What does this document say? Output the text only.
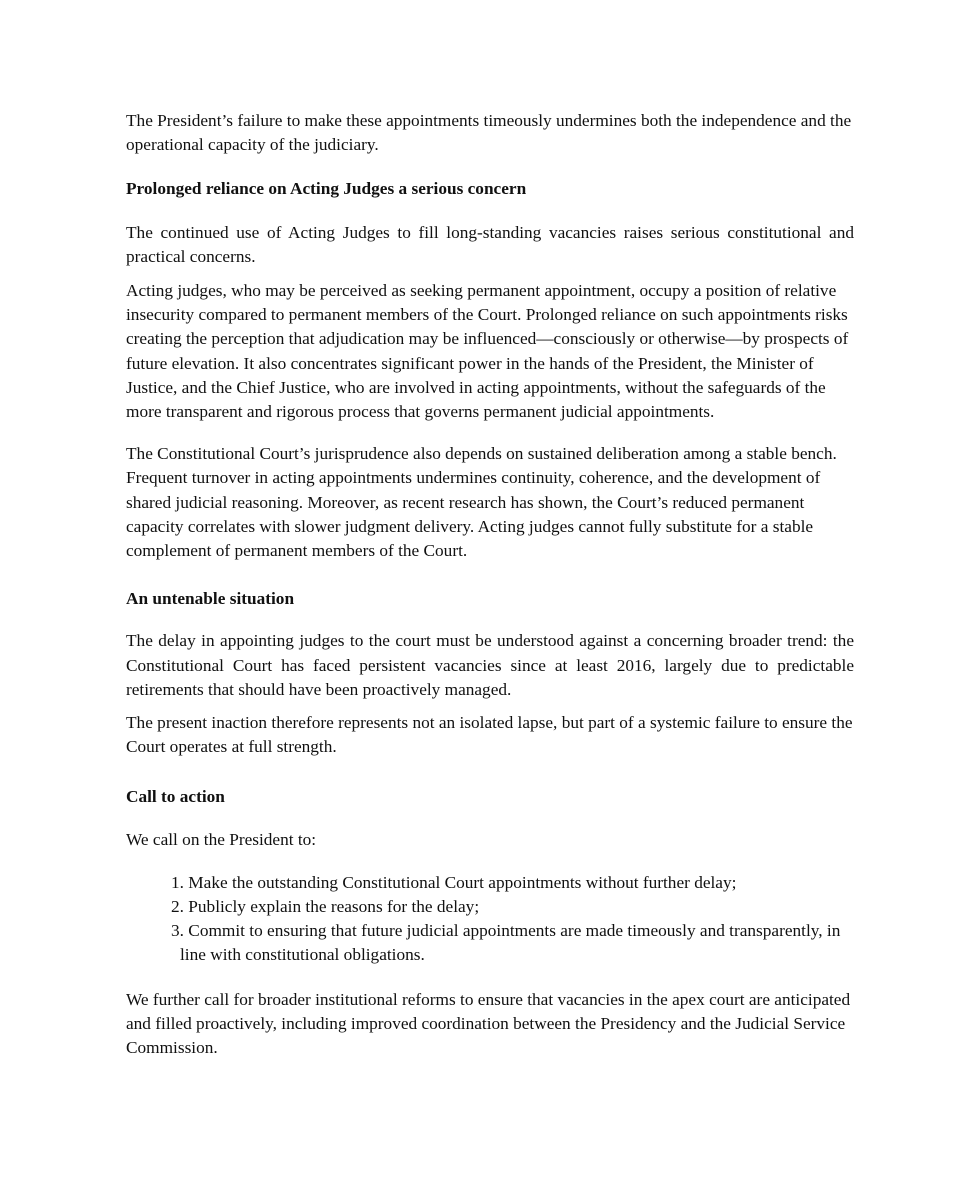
The President’s failure to make these appointments timeously undermines both the independence and the operational capacity of the judiciary.

Prolonged reliance on Acting Judges a serious concern

The continued use of Acting Judges to fill long-standing vacancies raises serious constitutional and practical concerns.

Acting judges, who may be perceived as seeking permanent appointment, occupy a position of relative insecurity compared to permanent members of the Court. Prolonged reliance on such appointments risks creating the perception that adjudication may be influenced—consciously or otherwise—by prospects of future elevation. It also concentrates significant power in the hands of the President, the Minister of Justice, and the Chief Justice, who are involved in acting appointments, without the safeguards of the more transparent and rigorous process that governs permanent judicial appointments.

The Constitutional Court’s jurisprudence also depends on sustained deliberation among a stable bench. Frequent turnover in acting appointments undermines continuity, coherence, and the development of shared judicial reasoning. Moreover, as recent research has shown, the Court’s reduced permanent capacity correlates with slower judgment delivery. Acting judges cannot fully substitute for a stable complement of permanent members of the Court.

An untenable situation

The delay in appointing judges to the court must be understood against a concerning broader trend: the Constitutional Court has faced persistent vacancies since at least 2016, largely due to predictable retirements that should have been proactively managed.

The present inaction therefore represents not an isolated lapse, but part of a systemic failure to ensure the Court operates at full strength.

Call to action

We call on the President to:

1. Make the outstanding Constitutional Court appointments without further delay;
2. Publicly explain the reasons for the delay;
3. Commit to ensuring that future judicial appointments are made timeously and transparently, in line with constitutional obligations.

We further call for broader institutional reforms to ensure that vacancies in the apex court are anticipated and filled proactively, including improved coordination between the Presidency and the Judicial Service Commission.
